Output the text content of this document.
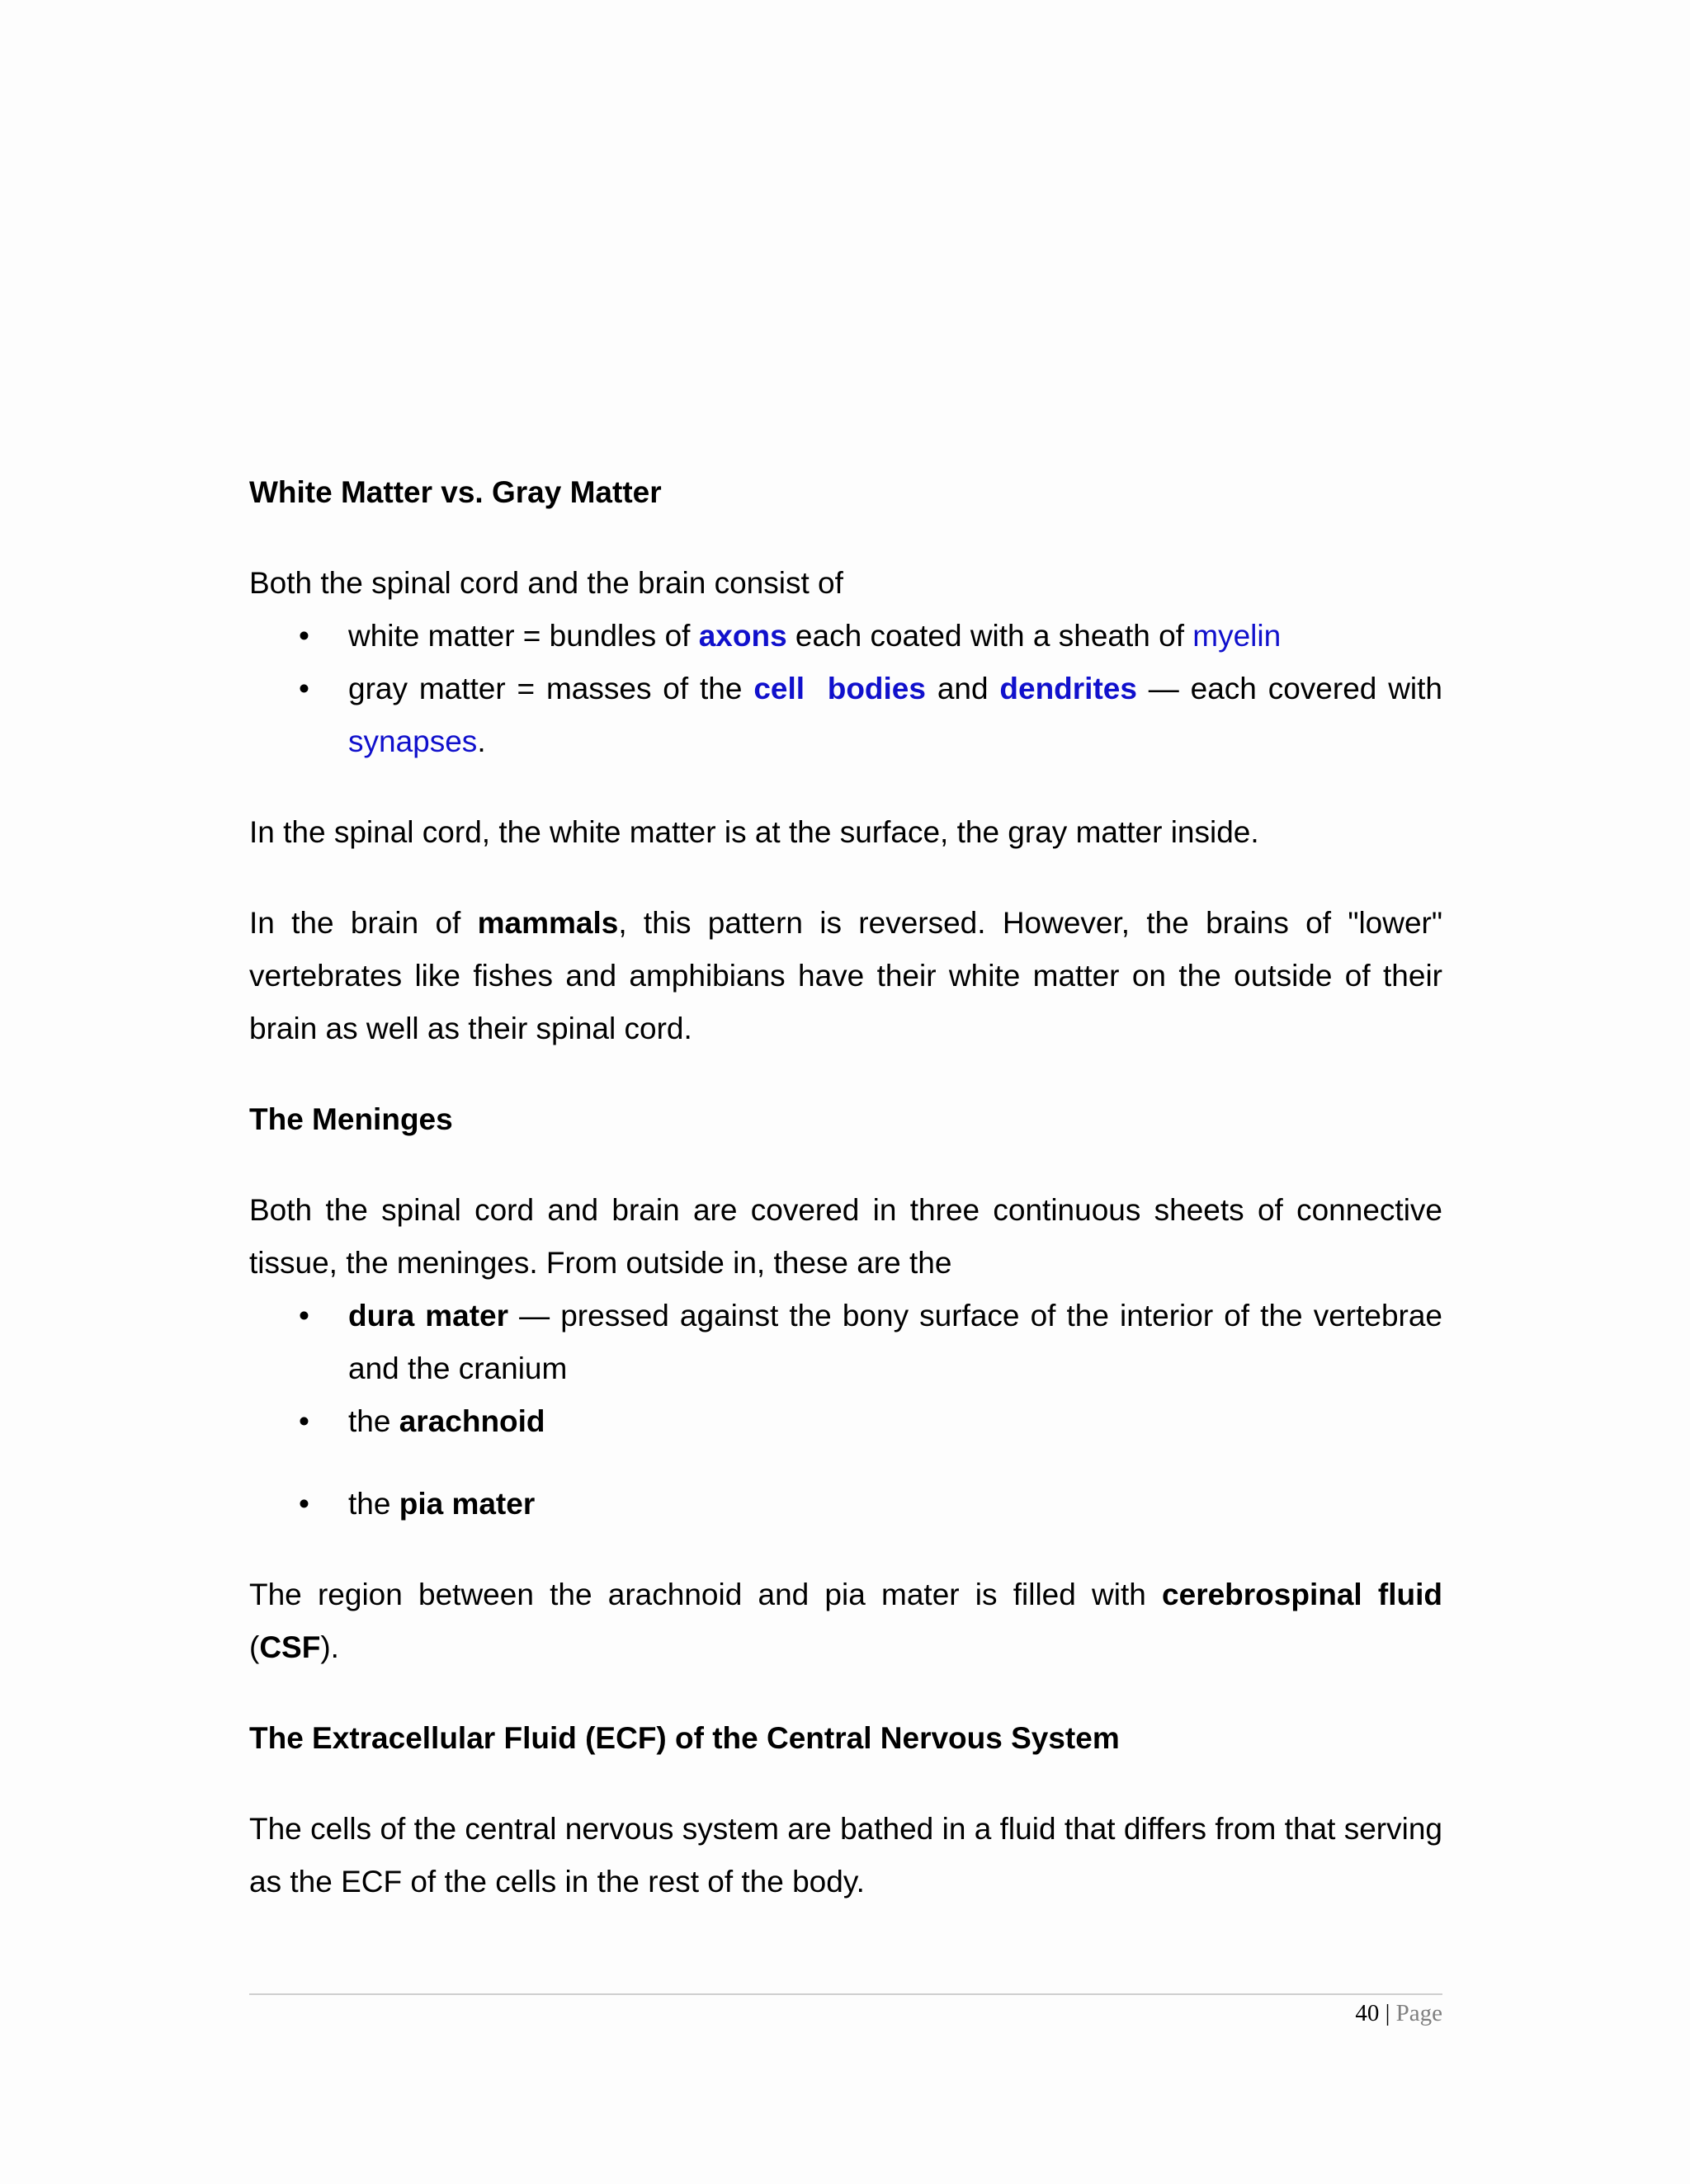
White Matter vs. Gray Matter

Both the spinal cord and the brain consist of

• white matter = bundles of axons each coated with a sheath of myelin
• gray matter = masses of the cell  bodies and dendrites — each covered with synapses.

In the spinal cord, the white matter is at the surface, the gray matter inside.

In the brain of mammals, this pattern is reversed. However, the brains of "lower" vertebrates like fishes and amphibians have their white matter on the outside of their brain as well as their spinal cord.

The Meninges

Both the spinal cord and brain are covered in three continuous sheets of connective tissue, the meninges. From outside in, these are the

• dura mater — pressed against the bony surface of the interior of the vertebrae and the cranium
• the arachnoid
• the pia mater

The region between the arachnoid and pia mater is filled with cerebrospinal fluid (CSF).

The Extracellular Fluid (ECF) of the Central Nervous System

The cells of the central nervous system are bathed in a fluid that differs from that serving as the ECF of the cells in the rest of the body.

40 | Page
